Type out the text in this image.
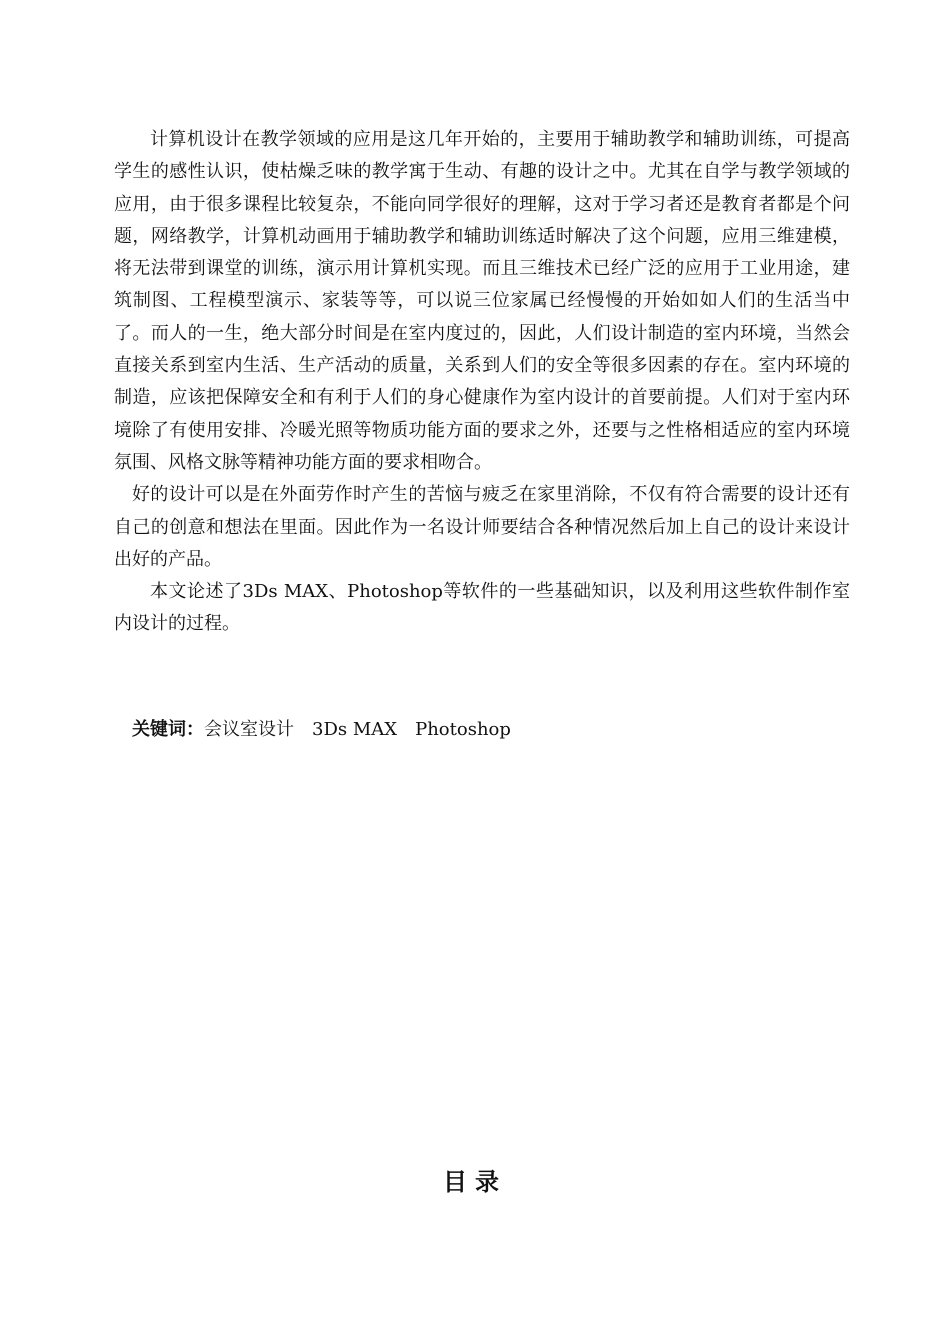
计算机设计在教学领域的应用是这几年开始的，主要用于辅助教学和辅助训练，可提高学生的感性认识，使枯燥乏味的教学寓于生动、有趣的设计之中。尤其在自学与教学领域的应用，由于很多课程比较复杂，不能向同学很好的理解，这对于学习者还是教育者都是个问题，网络教学，计算机动画用于辅助教学和辅助训练适时解决了这个问题，应用三维建模，将无法带到课堂的训练，演示用计算机实现。而且三维技术已经广泛的应用于工业用途，建筑制图、工程模型演示、家装等等，可以说三位家属已经慢慢的开始如如人们的生活当中了。而人的一生，绝大部分时间是在室内度过的，因此，人们设计制造的室内环境，当然会直接关系到室内生活、生产活动的质量，关系到人们的安全等很多因素的存在。室内环境的制造，应该把保障安全和有利于人们的身心健康作为室内设计的首要前提。人们对于室内环境除了有使用安排、冷暖光照等物质功能方面的要求之外，还要与之性格相适应的室内环境氛围、风格文脉等精神功能方面的要求相吻合。

好的设计可以是在外面劳作时产生的苦恼与疲乏在家里消除，不仅有符合需要的设计还有自己的创意和想法在里面。因此作为一名设计师要结合各种情况然后加上自己的设计来设计出好的产品。

本文论述了3Ds MAX、Photoshop等软件的一些基础知识，以及利用这些软件制作室内设计的过程。

关键词：会议室设计 3Ds MAX Photoshop
目录
